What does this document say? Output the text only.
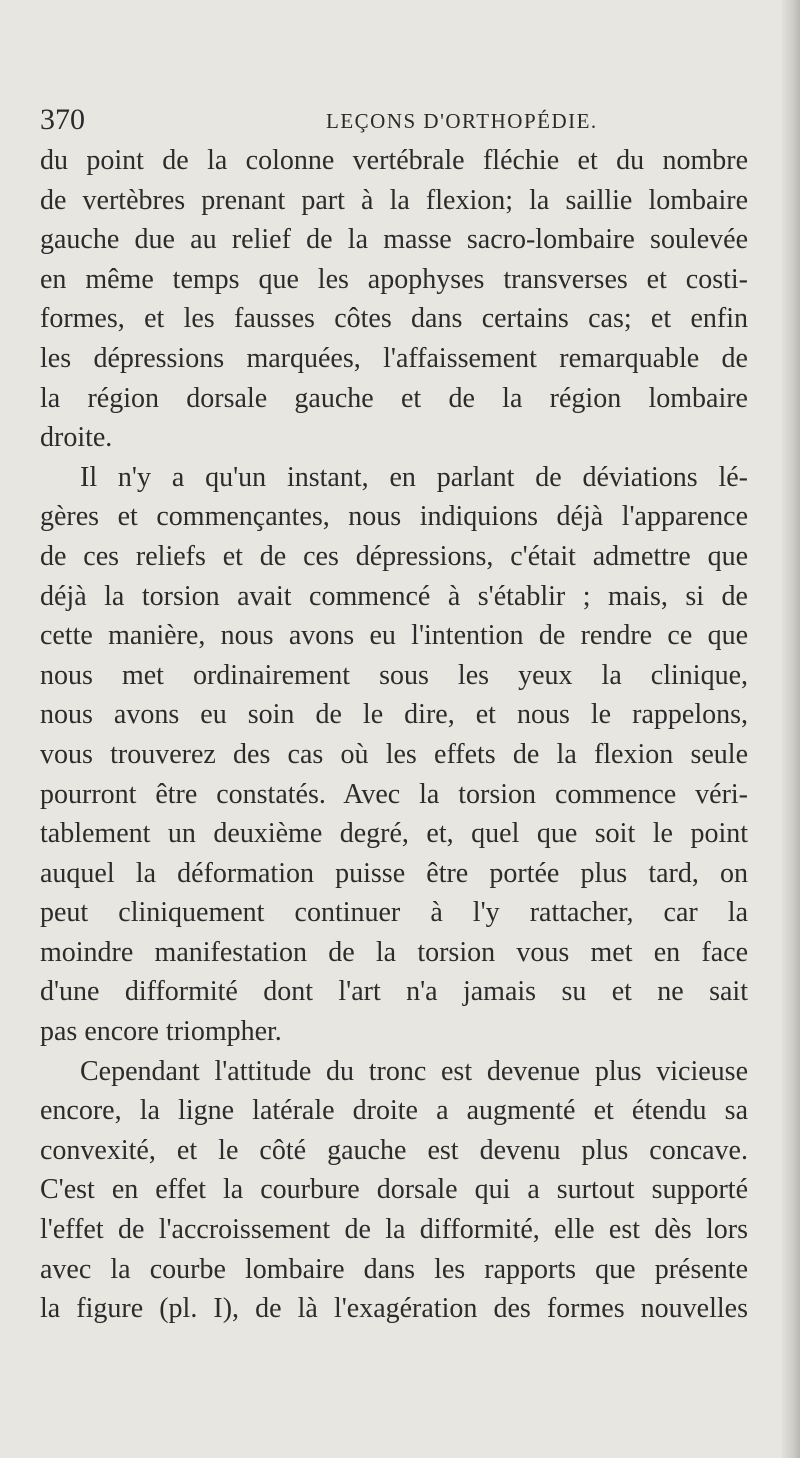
370	LEÇONS D'ORTHOPÉDIE.
du point de la colonne vertébrale fléchie et du nombre
de vertèbres prenant part à la flexion; la saillie lombaire
gauche due au relief de la masse sacro-lombaire soulevée
en même temps que les apophyses transverses et costi-
formes, et les fausses côtes dans certains cas; et enfin
les dépressions marquées, l'affaissement remarquable de
la région dorsale gauche et de la région lombaire
droite.
Il n'y a qu'un instant, en parlant de déviations lé-
gères et commençantes, nous indiquions déjà l'apparence
de ces reliefs et de ces dépressions, c'était admettre que
déjà la torsion avait commencé à s'établir ; mais, si de
cette manière, nous avons eu l'intention de rendre ce que
nous met ordinairement sous les yeux la clinique,
nous avons eu soin de le dire, et nous le rappelons,
vous trouverez des cas où les effets de la flexion seule
pourront être constatés. Avec la torsion commence véri-
tablement un deuxième degré, et, quel que soit le point
auquel la déformation puisse être portée plus tard, on
peut cliniquement continuer à l'y rattacher, car la
moindre manifestation de la torsion vous met en face
d'une difformité dont l'art n'a jamais su et ne sait
pas encore triompher.
Cependant l'attitude du tronc est devenue plus vicieuse
encore, la ligne latérale droite a augmenté et étendu sa
convexité, et le côté gauche est devenu plus concave.
C'est en effet la courbure dorsale qui a surtout supporté
l'effet de l'accroissement de la difformité, elle est dès lors
avec la courbe lombaire dans les rapports que présente
la figure (pl. I), de là l'exagération des formes nouvelles
